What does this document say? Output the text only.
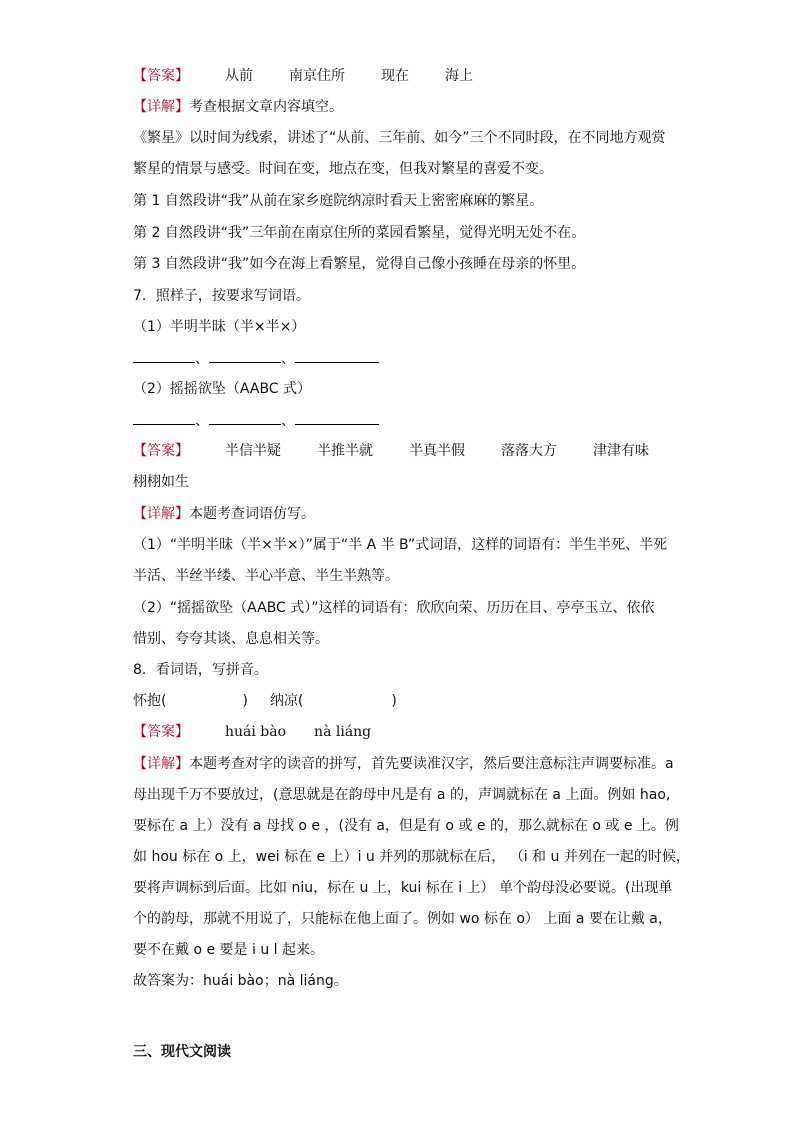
【答案】	从前	南京住所	现在	海上
【详解】考查根据文章内容填空。
《繁星》以时间为线索，讲述了“从前、三年前、如今”三个不同时段，在不同地方观赏
繁星的情景与感受。时间在变，地点在变，但我对繁星的喜爱不变。
第 1 自然段讲“我”从前在家乡庭院纳凉时看天上密密麻麻的繁星。
第 2 自然段讲“我”三年前在南京住所的菜园看繁星，觉得光明无处不在。
第 3 自然段讲“我”如今在海上看繁星，觉得自己像小孩睡在母亲的怀里。
7．照样子，按要求写词语。
（1）半明半昧（半×半×）
、	、
（2）摇摇欲坠（AABC 式）
、	、
【答案】	半信半疑	半推半就	半真半假	落落大方	津津有味
栩栩如生
【详解】本题考查词语仿写。
（1）“半明半昧（半×半×）”属于“半 A 半 B”式词语，这样的词语有：半生半死、半死
半活、半丝半缕、半心半意、半生半熟等。
（2）“摇摇欲坠（AABC 式）”这样的词语有：欣欣向荣、历历在目、亭亭玉立、依依
惜别、夸夸其谈、息息相关等。
8．看词语，写拼音。
怀抱(	) 纳凉(	)
【答案】	huái bào nà liáng
【详解】本题考查对字的读音的拼写，首先要读准汉字，然后要注意标注声调要标准。a
母出现千万不要放过，(意思就是在韵母中凡是有 a 的，声调就标在 a 上面。例如 hao,
要标在 a 上）没有 a 母找 o e ，(没有 a，但是有 o 或 e 的，那么就标在 o 或 e 上。例
如 hou 标在 o 上，wei 标在 e 上）i u 并列的那就标在后， （i 和 u 并列在一起的时候，
要将声调标到后面。比如 niu，标在 u 上，kui 标在 i 上） 单个韵母没必要说。(出现单
个的韵母，那就不用说了，只能标在他上面了。例如 wo 标在 o） 上面 a 要在让戴 a，
要不在戴 o e 要是 i u l 起来。
故答案为：huái bào；nà liáng。
三、现代文阅读
